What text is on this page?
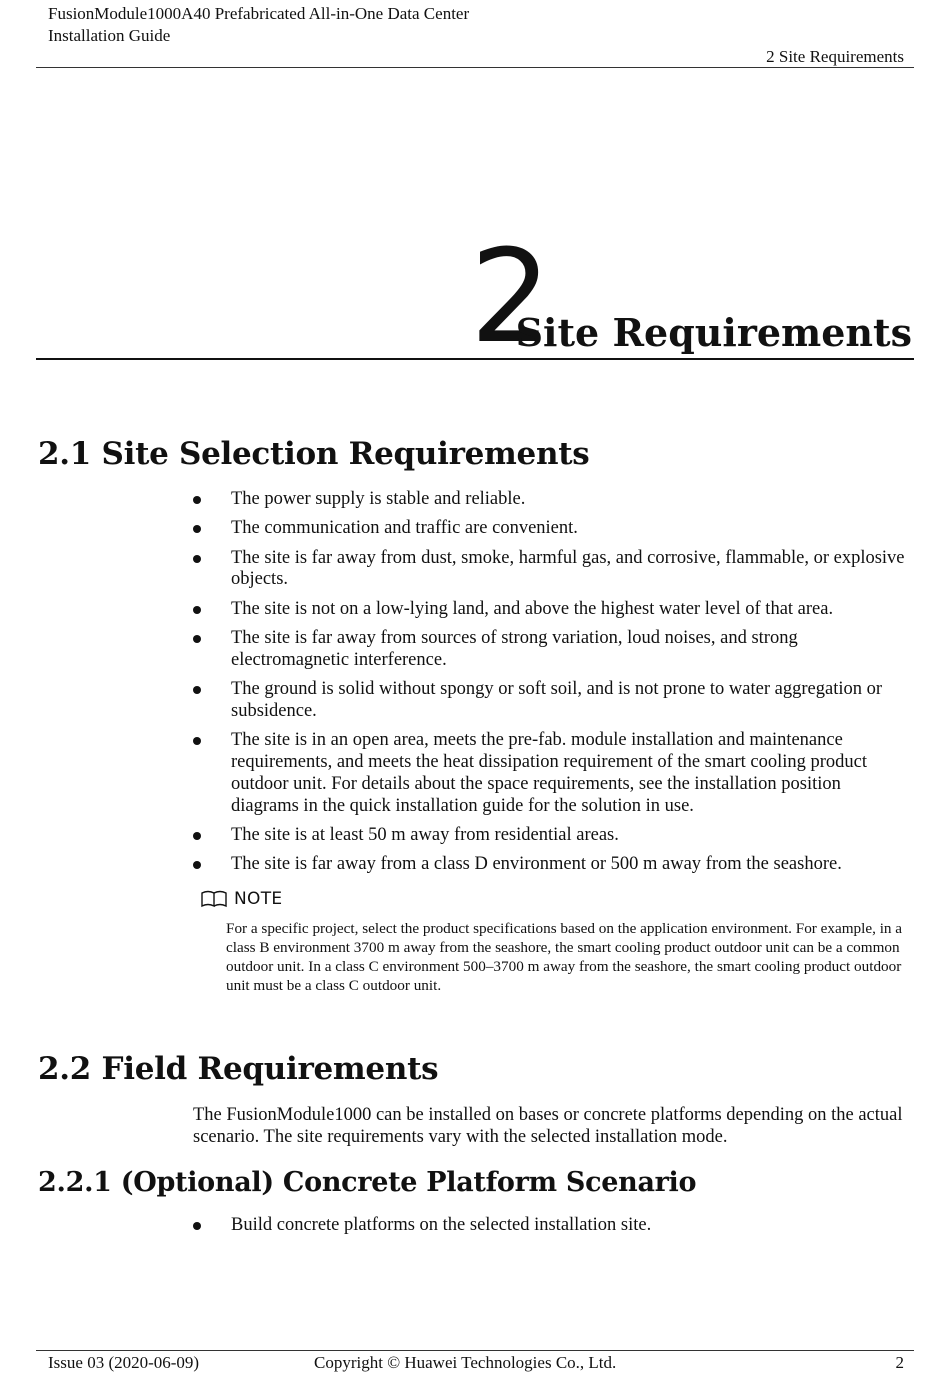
FusionModule1000A40 Prefabricated All-in-One Data Center
Installation Guide
2 Site Requirements
2
Site Requirements
2.1 Site Selection Requirements
The power supply is stable and reliable.
The communication and traffic are convenient.
The site is far away from dust, smoke, harmful gas, and corrosive, flammable, or explosive objects.
The site is not on a low-lying land, and above the highest water level of that area.
The site is far away from sources of strong variation, loud noises, and strong electromagnetic interference.
The ground is solid without spongy or soft soil, and is not prone to water aggregation or subsidence.
The site is in an open area, meets the pre-fab. module installation and maintenance requirements, and meets the heat dissipation requirement of the smart cooling product outdoor unit. For details about the space requirements, see the installation position diagrams in the quick installation guide for the solution in use.
The site is at least 50 m away from residential areas.
The site is far away from a class D environment or 500 m away from the seashore.
NOTE
For a specific project, select the product specifications based on the application environment. For example, in a class B environment 3700 m away from the seashore, the smart cooling product outdoor unit can be a common outdoor unit. In a class C environment 500–3700 m away from the seashore, the smart cooling product outdoor unit must be a class C outdoor unit.
2.2 Field Requirements
The FusionModule1000 can be installed on bases or concrete platforms depending on the actual scenario. The site requirements vary with the selected installation mode.
2.2.1 (Optional) Concrete Platform Scenario
Build concrete platforms on the selected installation site.
Issue 03 (2020-06-09)	Copyright © Huawei Technologies Co., Ltd.	2
